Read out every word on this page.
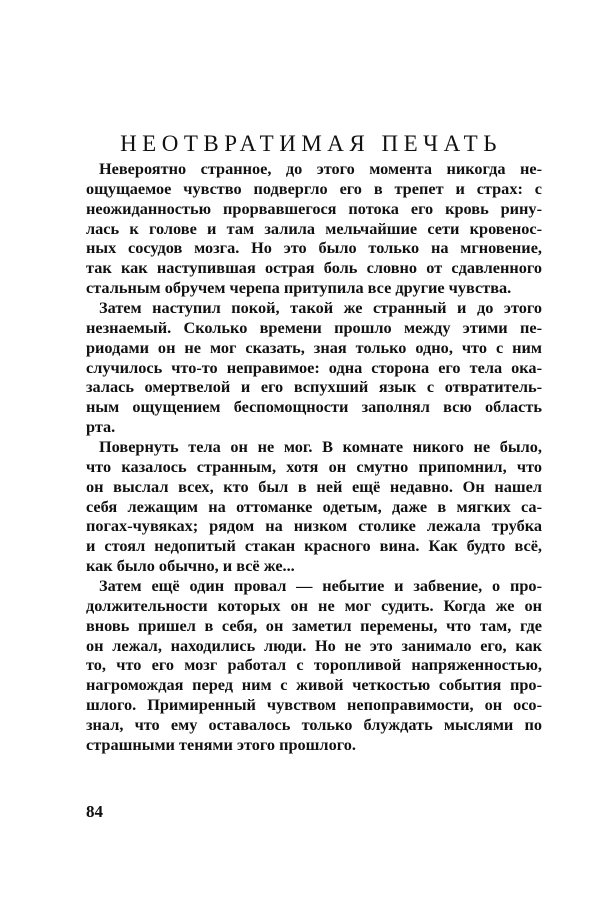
НЕОТВРАТИМАЯ ПЕЧАТЬ
Невероятно странное, до этого момента никогда не-
ощущаемое чувство подвергло его в трепет и страх: с
неожиданностью прорвавшегося потока его кровь рину-
лась к голове и там залила мельчайшие сети кровенос-
ных сосудов мозга. Но это было только на мгновение,
так как наступившая острая боль словно от сдавленного
стальным обручем черепа притупила все другие чувства.
Затем наступил покой, такой же странный и до этого
незнаемый. Сколько времени прошло между этими пе-
риодами он не мог сказать, зная только одно, что с ним
случилось что-то неправимое: одна сторона его тела ока-
залась омертвелой и его вспухший язык с отвратитель-
ным ощущением беспомощности заполнял всю область
рта.
Повернуть тела он не мог. В комнате никого не было,
что казалось странным, хотя он смутно припомнил, что
он выслал всех, кто был в ней ещё недавно. Он нашел
себя лежащим на оттоманке одетым, даже в мягких са-
погах-чувяках; рядом на низком столике лежала трубка
и стоял недопитый стакан красного вина. Как будто всё,
как было обычно, и всё же...
Затем ещё один провал — небытие и забвение, о про-
должительности которых он не мог судить. Когда же он
вновь пришел в себя, он заметил перемены, что там, где
он лежал, находились люди. Но не это занимало его, как
то, что его мозг работал с торопливой напряженностью,
нагромождая перед ним с живой четкостью события про-
шлого. Примиренный чувством непоправимости, он осо-
знал, что ему оставалось только блуждать мыслями по
страшными тенями этого прошлого.
84
